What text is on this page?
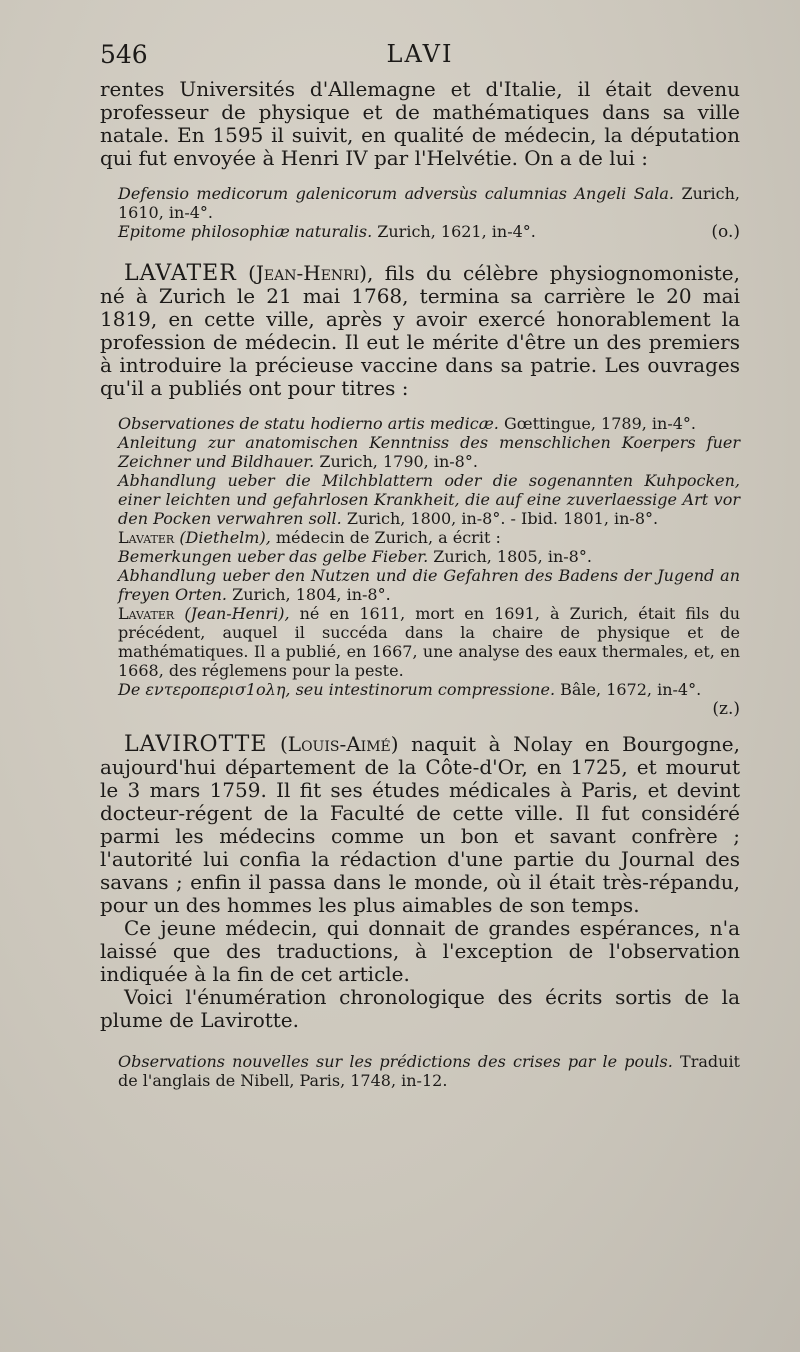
546	LAVI

rentes Universités d'Allemagne et d'Italie, il était devenu professeur de physique et de mathématiques dans sa ville natale. En 1595 il suivit, en qualité de médecin, la députation qui fut envoyée à Henri IV par l'Helvétie. On a de lui :

Defensio medicorum galenicorum adversùs calumnias Angeli Sala. Zurich, 1610, in-4°.

Epitome philosophiæ naturalis. Zurich, 1621, in-4°.	(o.)

LAVATER (Jean-Henri), fils du célèbre physiognomoniste, né à Zurich le 21 mai 1768, termina sa carrière le 20 mai 1819, en cette ville, après y avoir exercé honorablement la profession de médecin. Il eut le mérite d'être un des premiers à introduire la précieuse vaccine dans sa patrie. Les ouvrages qu'il a publiés ont pour titres :

Observationes de statu hodierno artis medicæ. Gœttingue, 1789, in-4°.

Anleitung zur anatomischen Kenntniss des menschlichen Koerpers fuer Zeichner und Bildhauer. Zurich, 1790, in-8°.

Abhandlung ueber die Milchblattern oder die sogenannten Kuhpocken, einer leichten und gefahrlosen Krankheit, die auf eine zuverlaessige Art vor den Pocken verwahren soll. Zurich, 1800, in-8°. - Ibid. 1801, in-8°.

Lavater (Diethelm), médecin de Zurich, a écrit :

Bemerkungen ueber das gelbe Fieber. Zurich, 1805, in-8°.

Abhandlung ueber den Nutzen und die Gefahren des Badens der Jugend an freyen Orten. Zurich, 1804, in-8°.

Lavater (Jean-Henri), né en 1611, mort en 1691, à Zurich, était fils du précédent, auquel il succéda dans la chaire de physique et de mathématiques. Il a publié, en 1667, une analyse des eaux thermales, et, en 1668, des réglemens pour la peste.

De εντεροπερισ1ολη, seu intestinorum compressione. Bâle, 1672, in-4°.

(z.)

LAVIROTTE (Louis-Aimé) naquit à Nolay en Bourgogne, aujourd'hui département de la Côte-d'Or, en 1725, et mourut le 3 mars 1759. Il fit ses études médicales à Paris, et devint docteur-régent de la Faculté de cette ville. Il fut considéré parmi les médecins comme un bon et savant confrère ; l'autorité lui confia la rédaction d'une partie du Journal des savans ; enfin il passa dans le monde, où il était très-répandu, pour un des hommes les plus aimables de son temps.

Ce jeune médecin, qui donnait de grandes espérances, n'a laissé que des traductions, à l'exception de l'observation indiquée à la fin de cet article.

Voici l'énumération chronologique des écrits sortis de la plume de Lavirotte.

Observations nouvelles sur les prédictions des crises par le pouls. Traduit de l'anglais de Nibell, Paris, 1748, in-12.
